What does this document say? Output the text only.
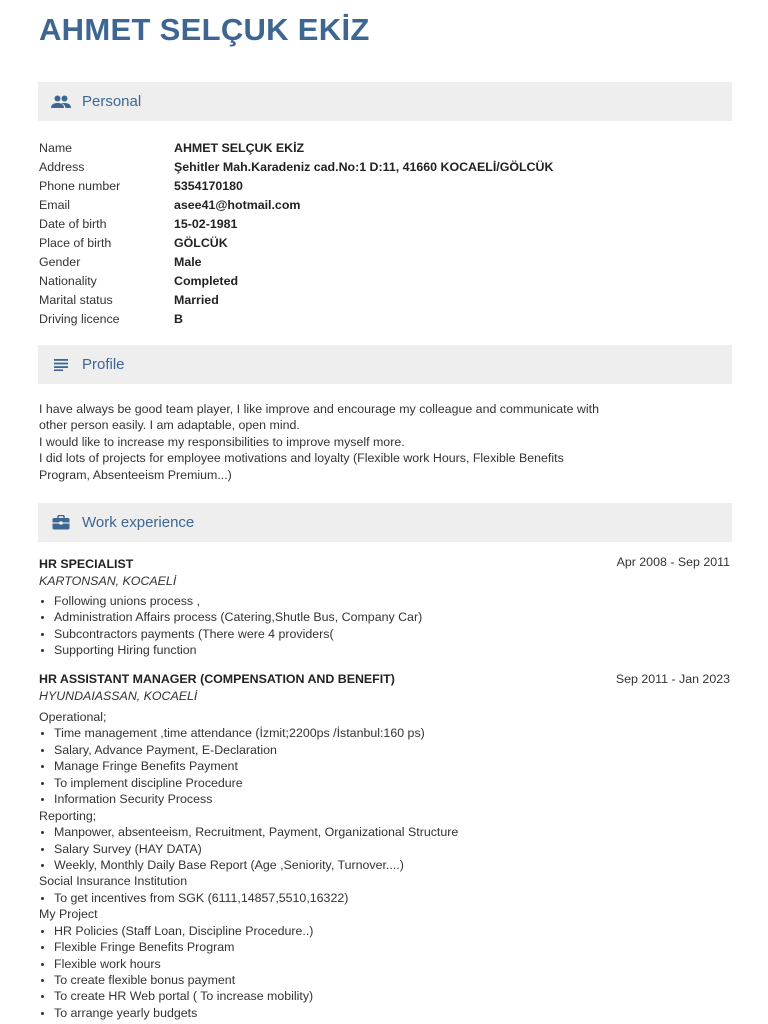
AHMET SELÇUK EKİZ
Personal
Name	AHMET SELÇUK EKİZ
Address	Şehitler Mah.Karadeniz cad.No:1 D:11, 41660 KOCAELİ/GÖLCÜK
Phone number	5354170180
Email	asee41@hotmail.com
Date of birth	15-02-1981
Place of birth	GÖLCÜK
Gender	Male
Nationality	Completed
Marital status	Married
Driving licence	B
Profile
I have always be good team player, I like improve and encourage my colleague and communicate with
other person easily. I am adaptable, open mind.
I would like to increase my responsibilities to improve myself more.
I did lots of projects for employee motivations and loyalty (Flexible work Hours, Flexible Benefits
Program, Absenteeism Premium...)
Work experience
HR SPECIALIST	Apr 2008 - Sep 2011
KARTONSAN, KOCAELİ
Following unions process ,
Administration Affairs process (Catering,Shutle Bus, Company Car)
Subcontractors payments (There were 4 providers(
Supporting Hiring function
HR ASSISTANT MANAGER (COMPENSATION AND BENEFIT)	Sep 2011 - Jan 2023
HYUNDAIASSAN, KOCAELİ
Operational;
Time management ,time attendance (İzmit;2200ps /İstanbul:160 ps)
Salary, Advance Payment, E-Declaration
Manage Fringe Benefits Payment
To implement discipline Procedure
Information Security Process
Reporting;
Manpower, absenteeism, Recruitment, Payment, Organizational Structure
Salary Survey (HAY DATA)
Weekly, Monthly Daily Base Report (Age ,Seniority, Turnover....)
Social Insurance Institution
To get incentives from SGK (6111,14857,5510,16322)
My Project
HR Policies (Staff Loan, Discipline Procedure..)
Flexible Fringe Benefits Program
Flexible work hours
To create flexible bonus payment
To create HR Web portal ( To increase mobility)
To arrange yearly budgets
